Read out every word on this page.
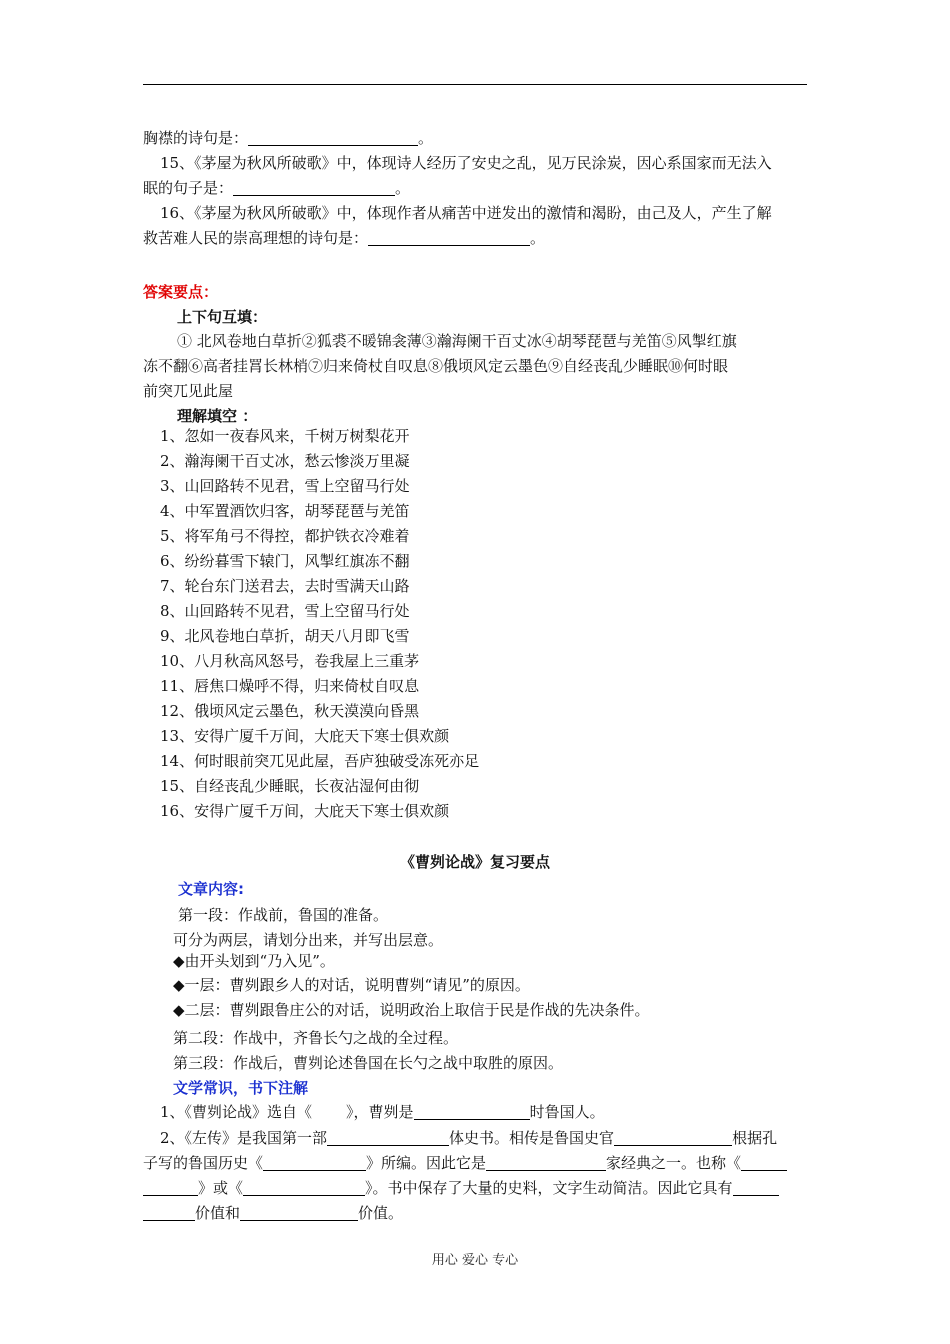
胸襟的诗句是：	。
15、《茅屋为秋风所破歌》中，体现诗人经历了安史之乱，见万民涂炭，因心系国家而无法入
眠的句子是：	。
16、《茅屋为秋风所破歌》中，体现作者从痛苦中迸发出的激情和渴盼，由己及人，产生了解
救苦难人民的崇高理想的诗句是：	。
答案要点：
上下句互填：
① 北风卷地白草折②狐裘不暖锦衾薄③瀚海阑干百丈冰④胡琴琵琶与羌笛⑤风掣红旗
冻不翻⑥高者挂罥长林梢⑦归来倚杖自叹息⑧俄顷风定云墨色⑨自经丧乱少睡眠⑩何时眼
前突兀见此屋
理解填空 ：
1、忽如一夜春风来，千树万树梨花开
2、瀚海阑干百丈冰，愁云惨淡万里凝
3、山回路转不见君，雪上空留马行处
4、中军置酒饮归客，胡琴琵琶与羌笛
5、将军角弓不得控，都护铁衣冷难着
6、纷纷暮雪下辕门，风掣红旗冻不翻
7、轮台东门送君去，去时雪满天山路
8、山回路转不见君，雪上空留马行处
9、北风卷地白草折，胡天八月即飞雪
10、八月秋高风怒号，卷我屋上三重茅
11、唇焦口燥呼不得，归来倚杖自叹息
12、俄顷风定云墨色，秋天漠漠向昏黑
13、安得广厦千万间，大庇天下寒士俱欢颜
14、何时眼前突兀见此屋，吾庐独破受冻死亦足
15、自经丧乱少睡眠，长夜沾湿何由彻
16、安得广厦千万间，大庇天下寒士俱欢颜
《曹刿论战》复习要点
文章内容:
第一段：作战前，鲁国的准备。
可分为两层，请划分出来，并写出层意。
◆由开头划到“乃入见”。
◆一层：曹刿跟乡人的对话，说明曹刿“请见”的原因。
◆二层：曹刿跟鲁庄公的对话，说明政治上取信于民是作战的先决条件。
第二段：作战中，齐鲁长勺之战的全过程。
第三段：作战后，曹刿论述鲁国在长勺之战中取胜的原因。
文学常识，书下注解
1、《曹刿论战》选自《 》，曹刿是	时鲁国人。
2、《左传》是我国第一部	体史书。相传是鲁国史官	根据孔
子写的鲁国历史《	》所编。因此它是	家经典之一。也称《
》或《	》。书中保存了大量的史料，文字生动简洁。因此它具有
价值和	价值。
用心 爱心 专心
